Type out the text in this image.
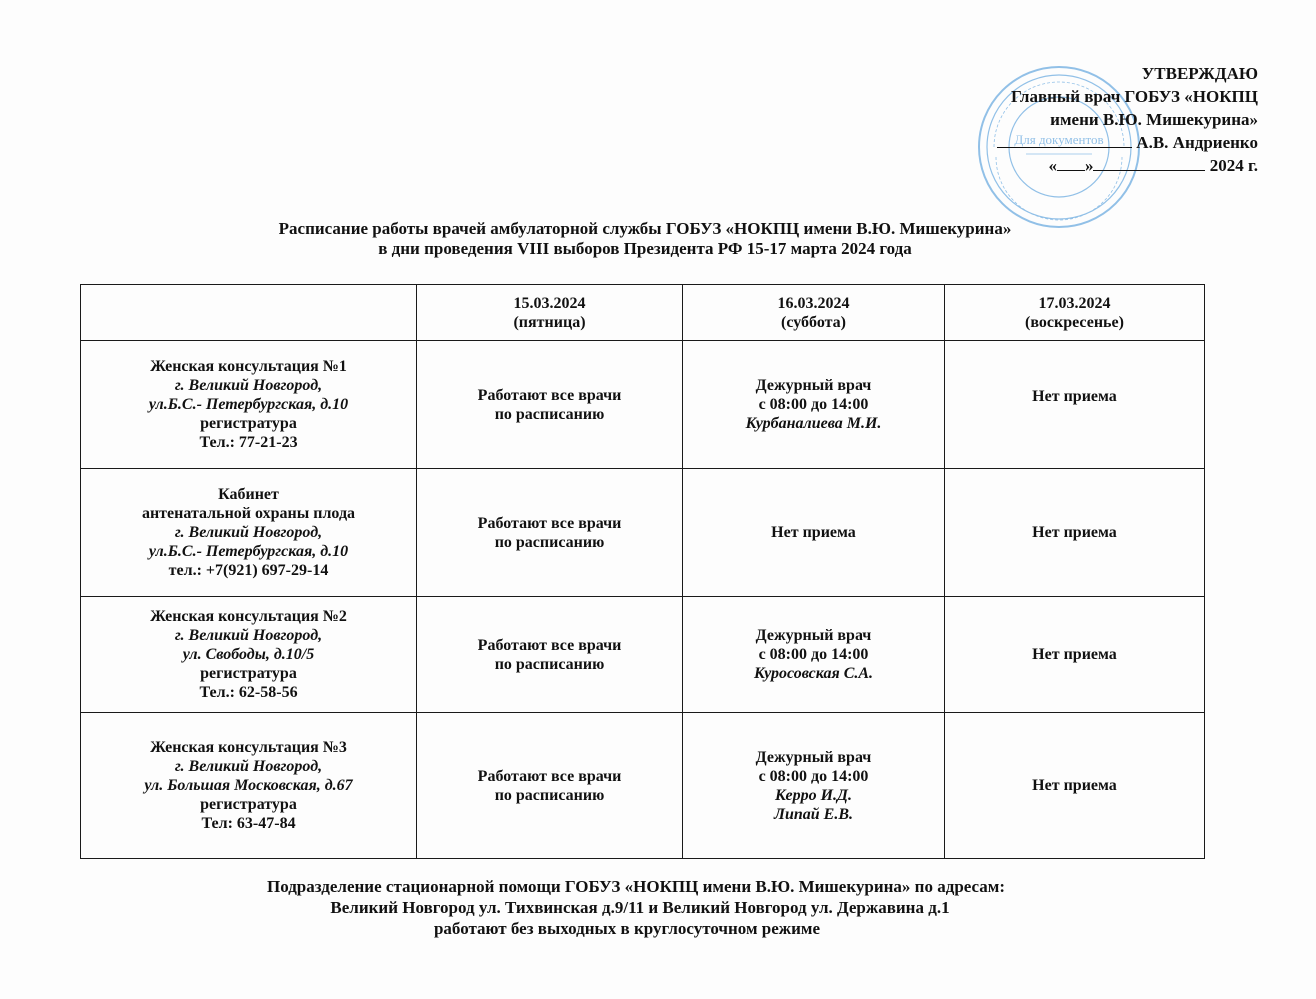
Для документов
УТВЕРЖДАЮ
Главный врач ГОБУЗ «НОКПЦ
имени В.Ю. Мишекурина»
А.В. Андриенко
« »	2024 г.
Расписание работы врачей амбулаторной службы ГОБУЗ «НОКПЦ имени В.Ю. Мишекурина»
в дни проведения VIII выборов Президента РФ 15-17 марта 2024 года

	15.03.2024
(пятница)	16.03.2024
(суббота)	17.03.2024
(воскресенье)

Женская консультация №1
г. Великий Новгород,
ул.Б.С.- Петербургская, д.10
регистратура
Тел.: 77-21-23	Работают все врачи
по расписанию	Дежурный врач
с 08:00 до 14:00
Курбаналиева М.И.	Нет приема

Кабинет
антенатальной охраны плода
г. Великий Новгород,
ул.Б.С.- Петербургская, д.10
тел.: +7(921) 697-29-14	Работают все врачи
по расписанию	Нет приема	Нет приема

Женская консультация №2
г. Великий Новгород,
ул. Свободы, д.10/5
регистратура
Тел.: 62-58-56	Работают все врачи
по расписанию	Дежурный врач
с 08:00 до 14:00
Куросовская С.А.	Нет приема

Женская консультация №3
г. Великий Новгород,
ул. Большая Московская, д.67
регистратура
Тел: 63-47-84	Работают все врачи
по расписанию	Дежурный врач
с 08:00 до 14:00
Керро И.Д.
Липай Е.В.	Нет приема
Подразделение стационарной помощи ГОБУЗ «НОКПЦ имени В.Ю. Мишекурина» по адресам:
Великий Новгород ул. Тихвинская д.9/11 и Великий Новгород ул. Державина д.1
работают без выходных в круглосуточном режиме
